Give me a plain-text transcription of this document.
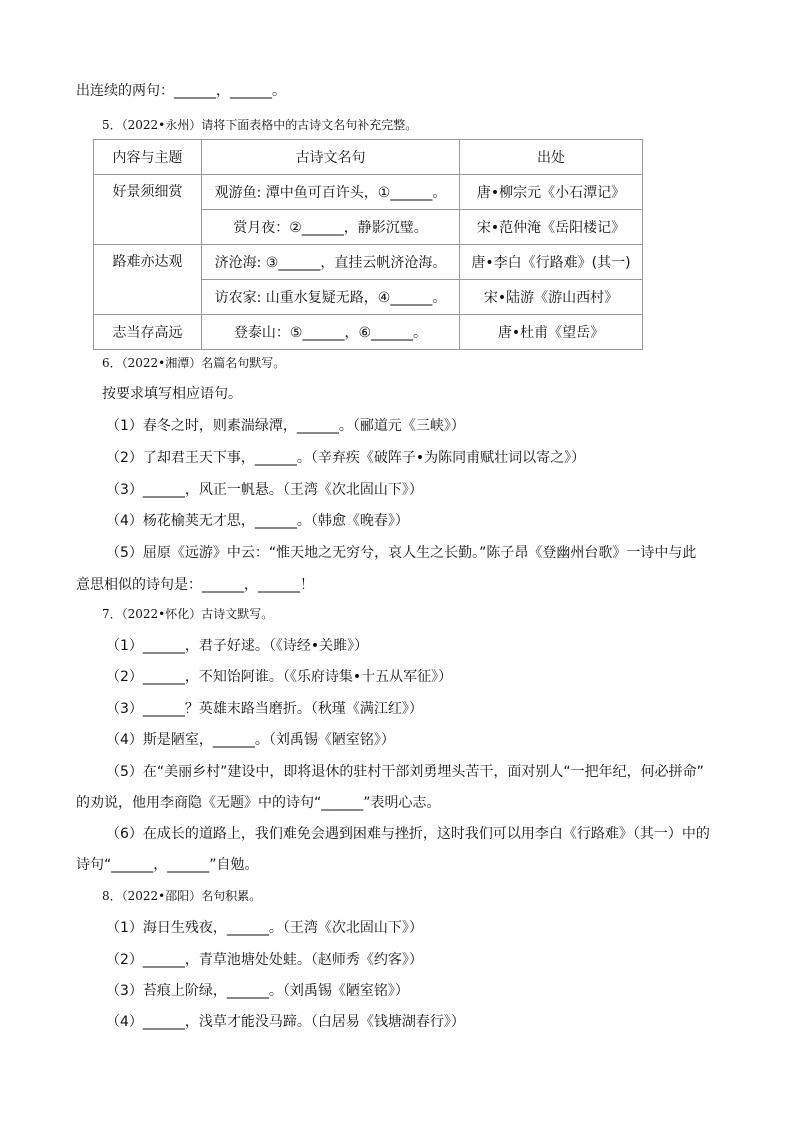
出连续的两句：______，______。
5．（2022•永州）请将下面表格中的古诗文名句补充完整。
内容与主题	古诗文名句	出处
好景须细赏	观游鱼: 潭中鱼可百许头，①______。	唐•柳宗元《小石潭记》
	赏月夜：②______，静影沉璧。	宋•范仲淹《岳阳楼记》
路难亦达观	济沧海: ③______，直挂云帆济沧海。	唐•李白《行路难》(其一)
	访农家: 山重水复疑无路，④______。	宋•陆游《游山西村》
志当存高远	登泰山：⑤______，⑥______。	唐•杜甫《望岳》
6．（2022•湘潭）名篇名句默写。
按要求填写相应语句。
（1）春冬之时，则素湍绿潭，______。（郦道元《三峡》）
（2）了却君王天下事，______。（辛弃疾《破阵子•为陈同甫赋壮词以寄之》）
（3）______，风正一帆悬。（王湾《次北固山下》）
（4）杨花榆荚无才思，______。（韩愈《晚春》）
（5）屈原《远游》中云：“惟天地之无穷兮，哀人生之长勤。”陈子昂《登幽州台歌》一诗中与此
意思相似的诗句是：______，______！
7．（2022•怀化）古诗文默写。
（1）______，君子好逑。（《诗经•关雎》）
（2）______，不知饴阿谁。（《乐府诗集•十五从军征》）
（3）______？英雄末路当磨折。（秋瑾《满江红》）
（4）斯是陋室，______。（刘禹锡《陋室铭》）
（5）在“美丽乡村”建设中，即将退休的驻村干部刘勇埋头苦干，面对别人“一把年纪，何必拼命”
的劝说，他用李商隐《无题》中的诗句“______”表明心志。
（6）在成长的道路上，我们难免会遇到困难与挫折，这时我们可以用李白《行路难》（其一）中的
诗句“______，______”自勉。
8．（2022•邵阳）名句积累。
（1）海日生残夜，______。（王湾《次北固山下》）
（2）______，青草池塘处处蛙。（赵师秀《约客》）
（3）苔痕上阶绿，______。（刘禹锡《陋室铭》）
（4）______，浅草才能没马蹄。（白居易《钱塘湖春行》）
